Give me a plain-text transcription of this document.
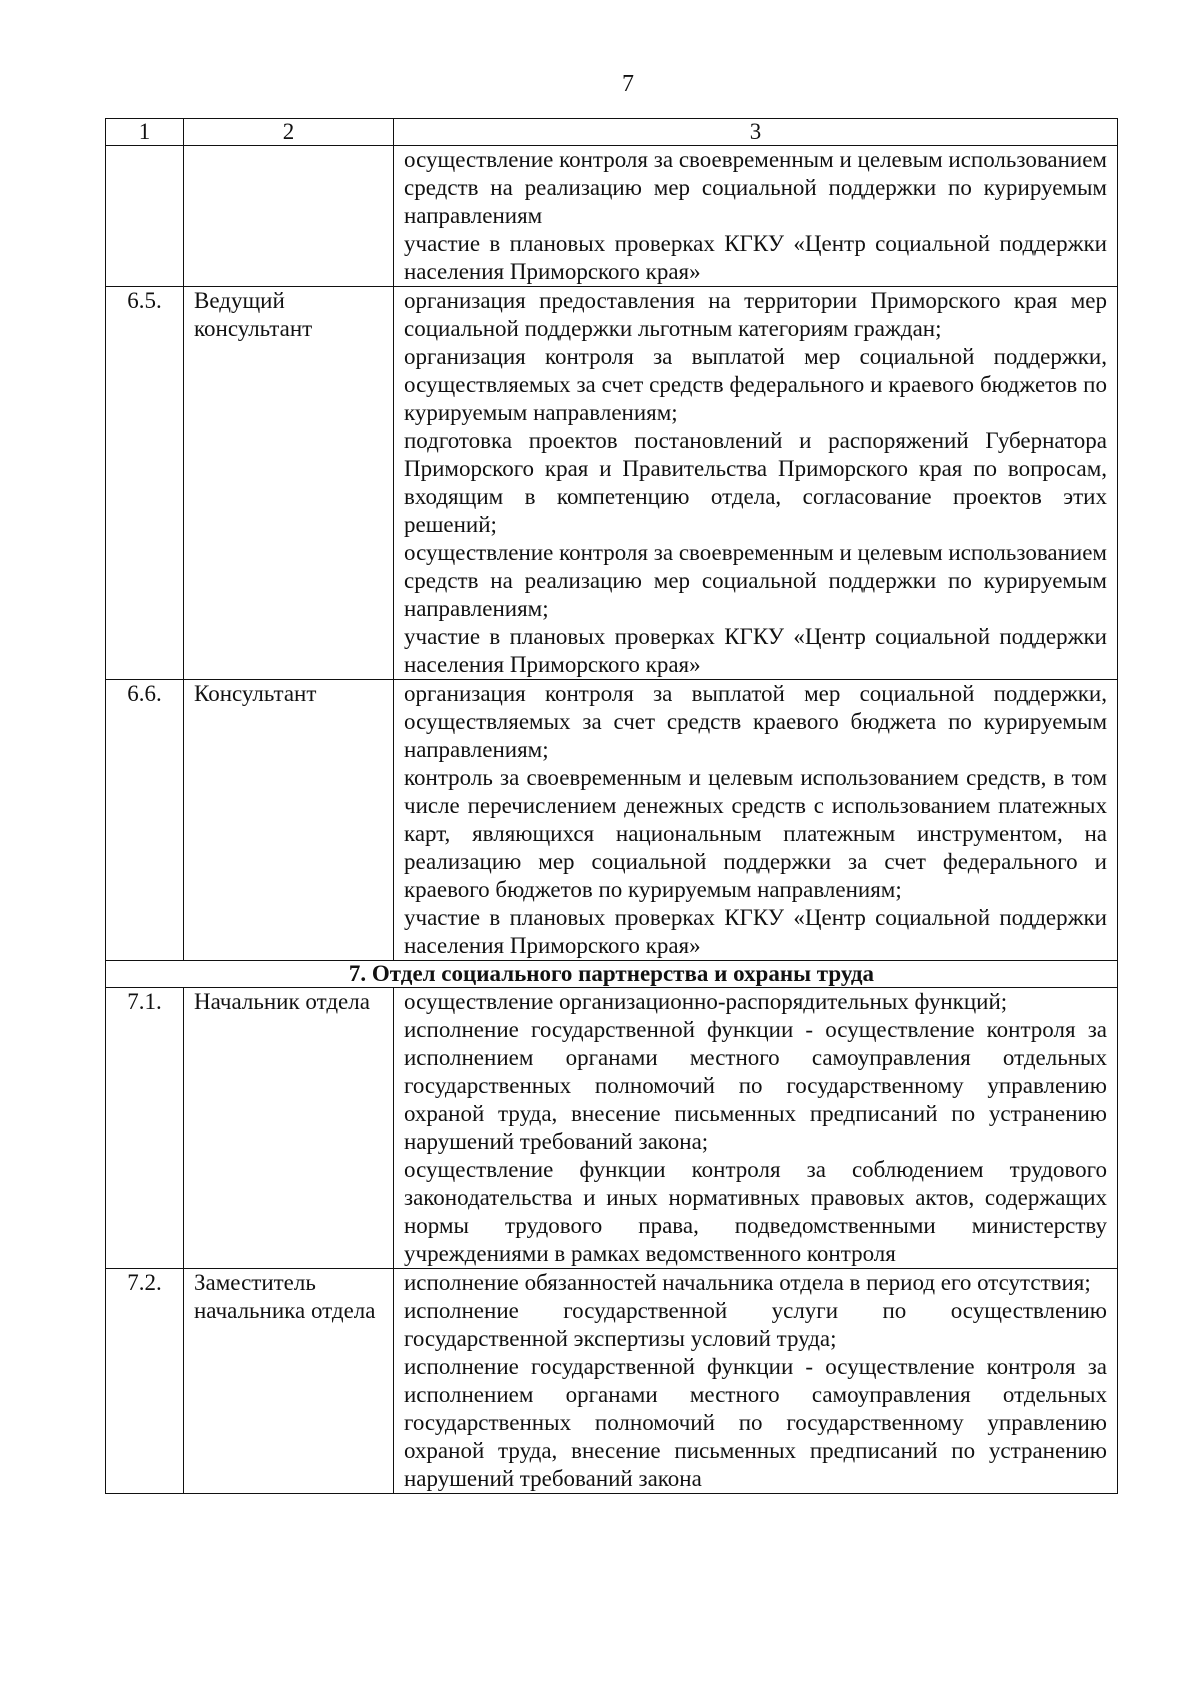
7
1	2	3

		осуществление контроля за своевременным и целевым использованием средств на реализацию мер социальной поддержки по курируемым направлениям
участие в плановых проверках КГКУ «Центр социальной поддержки населения Приморского края»

6.5.	Ведущий консультант	организация предоставления на территории Приморского края мер социальной поддержки льготным категориям граждан;
организация контроля за выплатой мер социальной поддержки, осуществляемых за счет средств федерального и краевого бюджетов по курируемым направлениям;
подготовка проектов постановлений и распоряжений Губернатора Приморского края и Правительства Приморского края по вопросам, входящим в компетенцию отдела, согласование проектов этих решений;
осуществление контроля за своевременным и целевым использованием средств на реализацию мер социальной поддержки по курируемым направлениям;
участие в плановых проверках КГКУ «Центр социальной поддержки населения Приморского края»

6.6.	Консультант	организация контроля за выплатой мер социальной поддержки, осуществляемых за счет средств краевого бюджета по курируемым направлениям;
контроль за своевременным и целевым использованием средств, в том числе перечислением денежных средств с использованием платежных карт, являющихся национальным платежным инструментом, на реализацию мер социальной поддержки за счет федерального и краевого бюджетов по курируемым направлениям;
участие в плановых проверках КГКУ «Центр социальной поддержки населения Приморского края»

7. Отдел социального партнерства и охраны труда		
7.1.	Начальник отдела	осуществление организационно-распорядительных функций;
исполнение государственной функции - осуществление контроля за исполнением органами местного самоуправления отдельных государственных полномочий по государственному управлению охраной труда, внесение письменных предписаний по устранению нарушений требований закона;
осуществление функции контроля за соблюдением трудового законодательства и иных нормативных правовых актов, содержащих нормы трудового права, подведомственными министерству учреждениями в рамках ведомственного контроля

7.2.	Заместитель начальника отдела	исполнение обязанностей начальника отдела в период его отсутствия;
исполнение государственной услуги по осуществлению государственной экспертизы условий труда;
исполнение государственной функции - осуществление контроля за исполнением органами местного самоуправления отдельных государственных полномочий по государственному управлению охраной труда, внесение письменных предписаний по устранению нарушений требований закона
